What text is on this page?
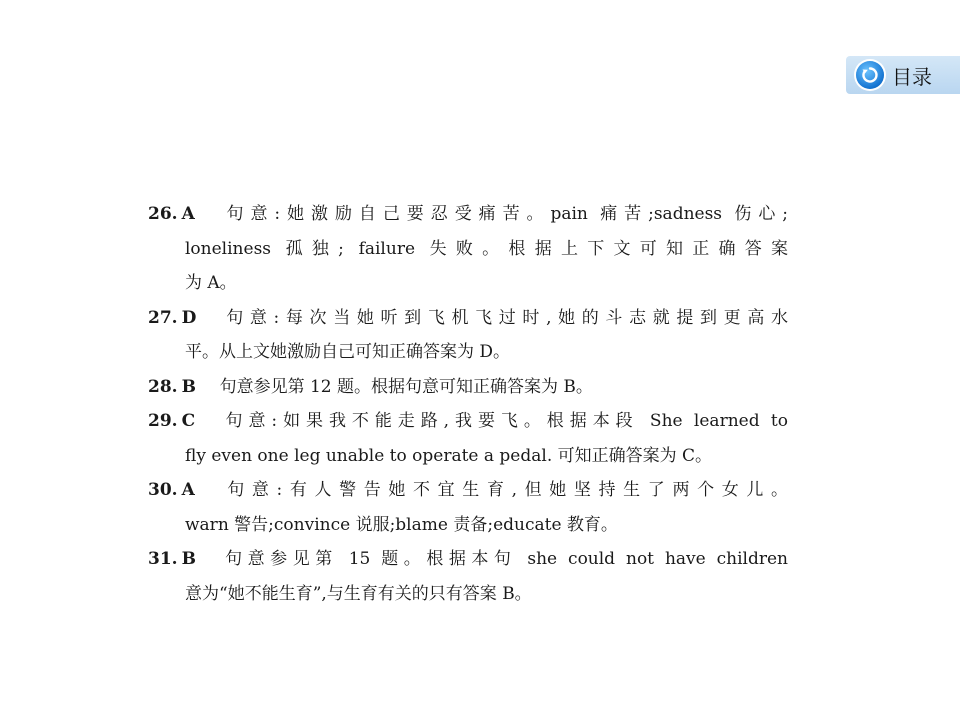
目录
26. A 句意:她激励自己要忍受痛苦。pain 痛苦;sadness 伤心;
loneliness 孤独; failure 失败。根据上下文可知正确答案
为 A。
27. D 句意:每次当她听到飞机飞过时,她的斗志就提到更高水
平。从上文她激励自己可知正确答案为 D。
28. B 句意参见第 12 题。根据句意可知正确答案为 B。
29. C 句意:如果我不能走路,我要飞。根据本段 She learned to
fly even one leg unable to operate a pedal. 可知正确答案为 C。
30. A 句意:有人警告她不宜生育,但她坚持生了两个女儿。
warn 警告;convince 说服;blame 责备;educate 教育。
31. B 句意参见第 15 题。根据本句 she could not have children
意为“她不能生育”,与生育有关的只有答案 B。
